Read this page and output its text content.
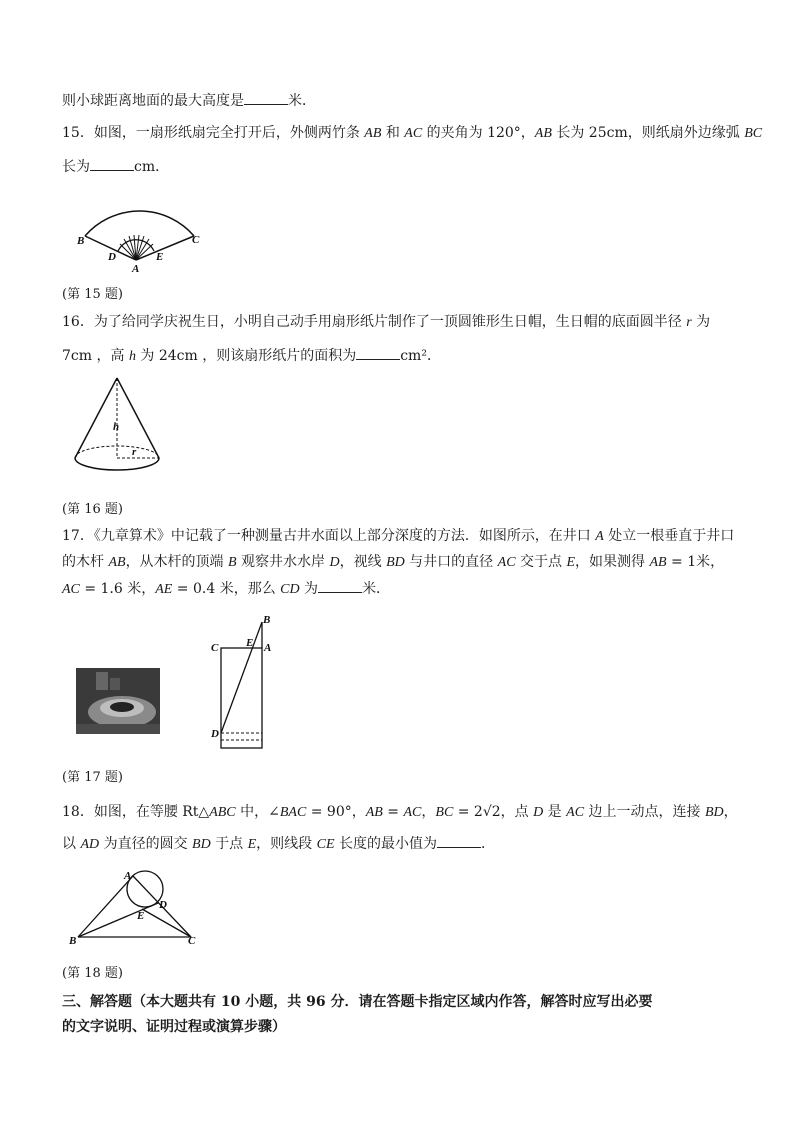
则小球距离地面的最大高度是	米．
15．如图，一扇形纸扇完全打开后，外侧两竹条 AB 和 AC 的夹角为 120°，AB 长为 25cm，则纸扇外边缘弧 BC
长为	cm．
B	C
D
A
E
(第 15 题)
16．为了给同学庆祝生日，小明自己动手用扇形纸片制作了一顶圆锥形生日帽，生日帽的底面圆半径 r 为
7cm ，高 h 为 24cm ，则该扇形纸片的面积为	cm²．
h
r
(第 16 题)
17．《九章算术》中记载了一种测量古井水面以上部分深度的方法．如图所示，在井口 A 处立一根垂直于井口
的木杆 AB，从木杆的顶端 B 观察井水水岸 D，视线 BD 与井口的直径 AC 交于点 E，如果测得 AB = 1米，
AC = 1.6 米，AE = 0.4 米，那么 CD 为	米．
B
C	E A
D
(第 17 题)
18．如图，在等腰 Rt△ABC 中，∠BAC = 90°，AB = AC，BC = 2√2，点 D 是 AC 边上一动点，连接 BD，
以 AD 为直径的圆交 BD 于点 E，则线段 CE 长度的最小值为	．
A
D
E
B	C
(第 18 题)
三、解答题（本大题共有 10 小题，共 96 分．请在答题卡指定区域内作答，解答时应写出必要
的文字说明、证明过程或演算步骤）
